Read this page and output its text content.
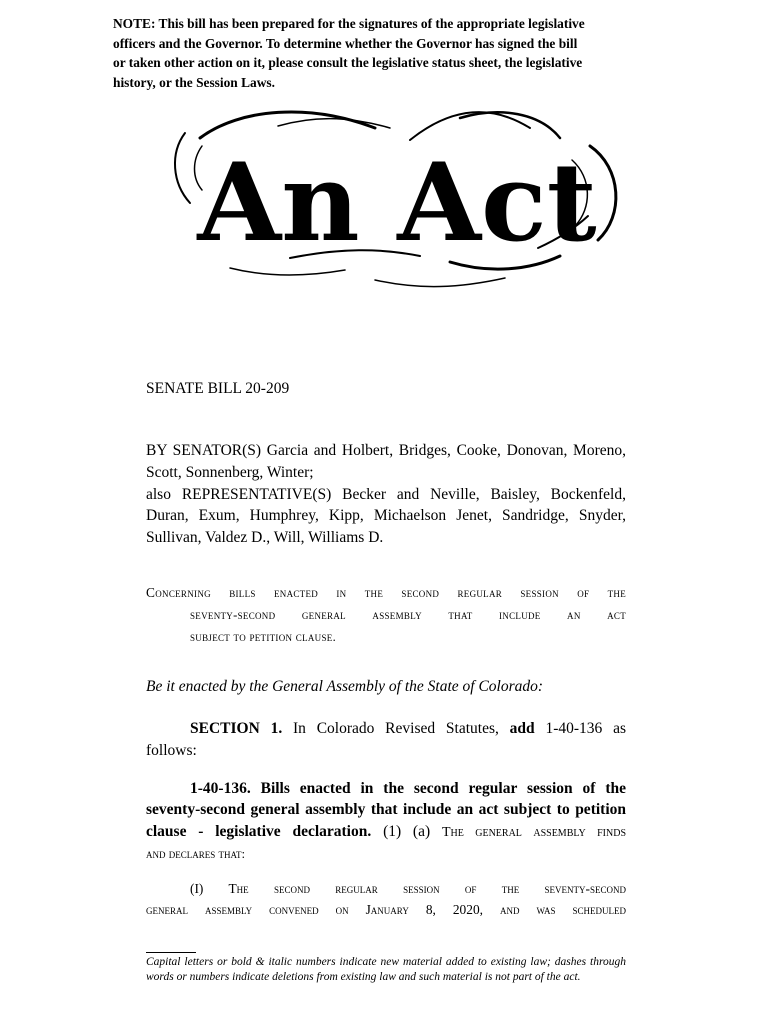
NOTE: This bill has been prepared for the signatures of the appropriate legislative
officers and the Governor. To determine whether the Governor has signed the bill
or taken other action on it, please consult the legislative status sheet, the legislative
history, or the Session Laws.
An Act
SENATE BILL 20-209
BY SENATOR(S) Garcia and Holbert, Bridges, Cooke, Donovan, Moreno,
Scott, Sonnenberg, Winter;
also REPRESENTATIVE(S) Becker and Neville, Baisley, Bockenfeld,
Duran, Exum, Humphrey, Kipp, Michaelson Jenet, Sandridge, Snyder,
Sullivan, Valdez D., Will, Williams D.
Concerning bills enacted in the second regular session of the
seventy-second general assembly that include an act
subject to petition clause.
Be it enacted by the General Assembly of the State of Colorado:
SECTION 1. In Colorado Revised Statutes, add 1-40-136 as
follows:
1-40-136. Bills enacted in the second regular session of the
seventy-second general assembly that include an act subject to petition
clause - legislative declaration. (1) (a) The general assembly finds
and declares that:
(I) The second regular session of the seventy-second
general assembly convened on January 8, 2020, and was scheduled
Capital letters or bold & italic numbers indicate new material added to existing law; dashes through words or numbers indicate deletions from existing law and such material is not part of the act.
